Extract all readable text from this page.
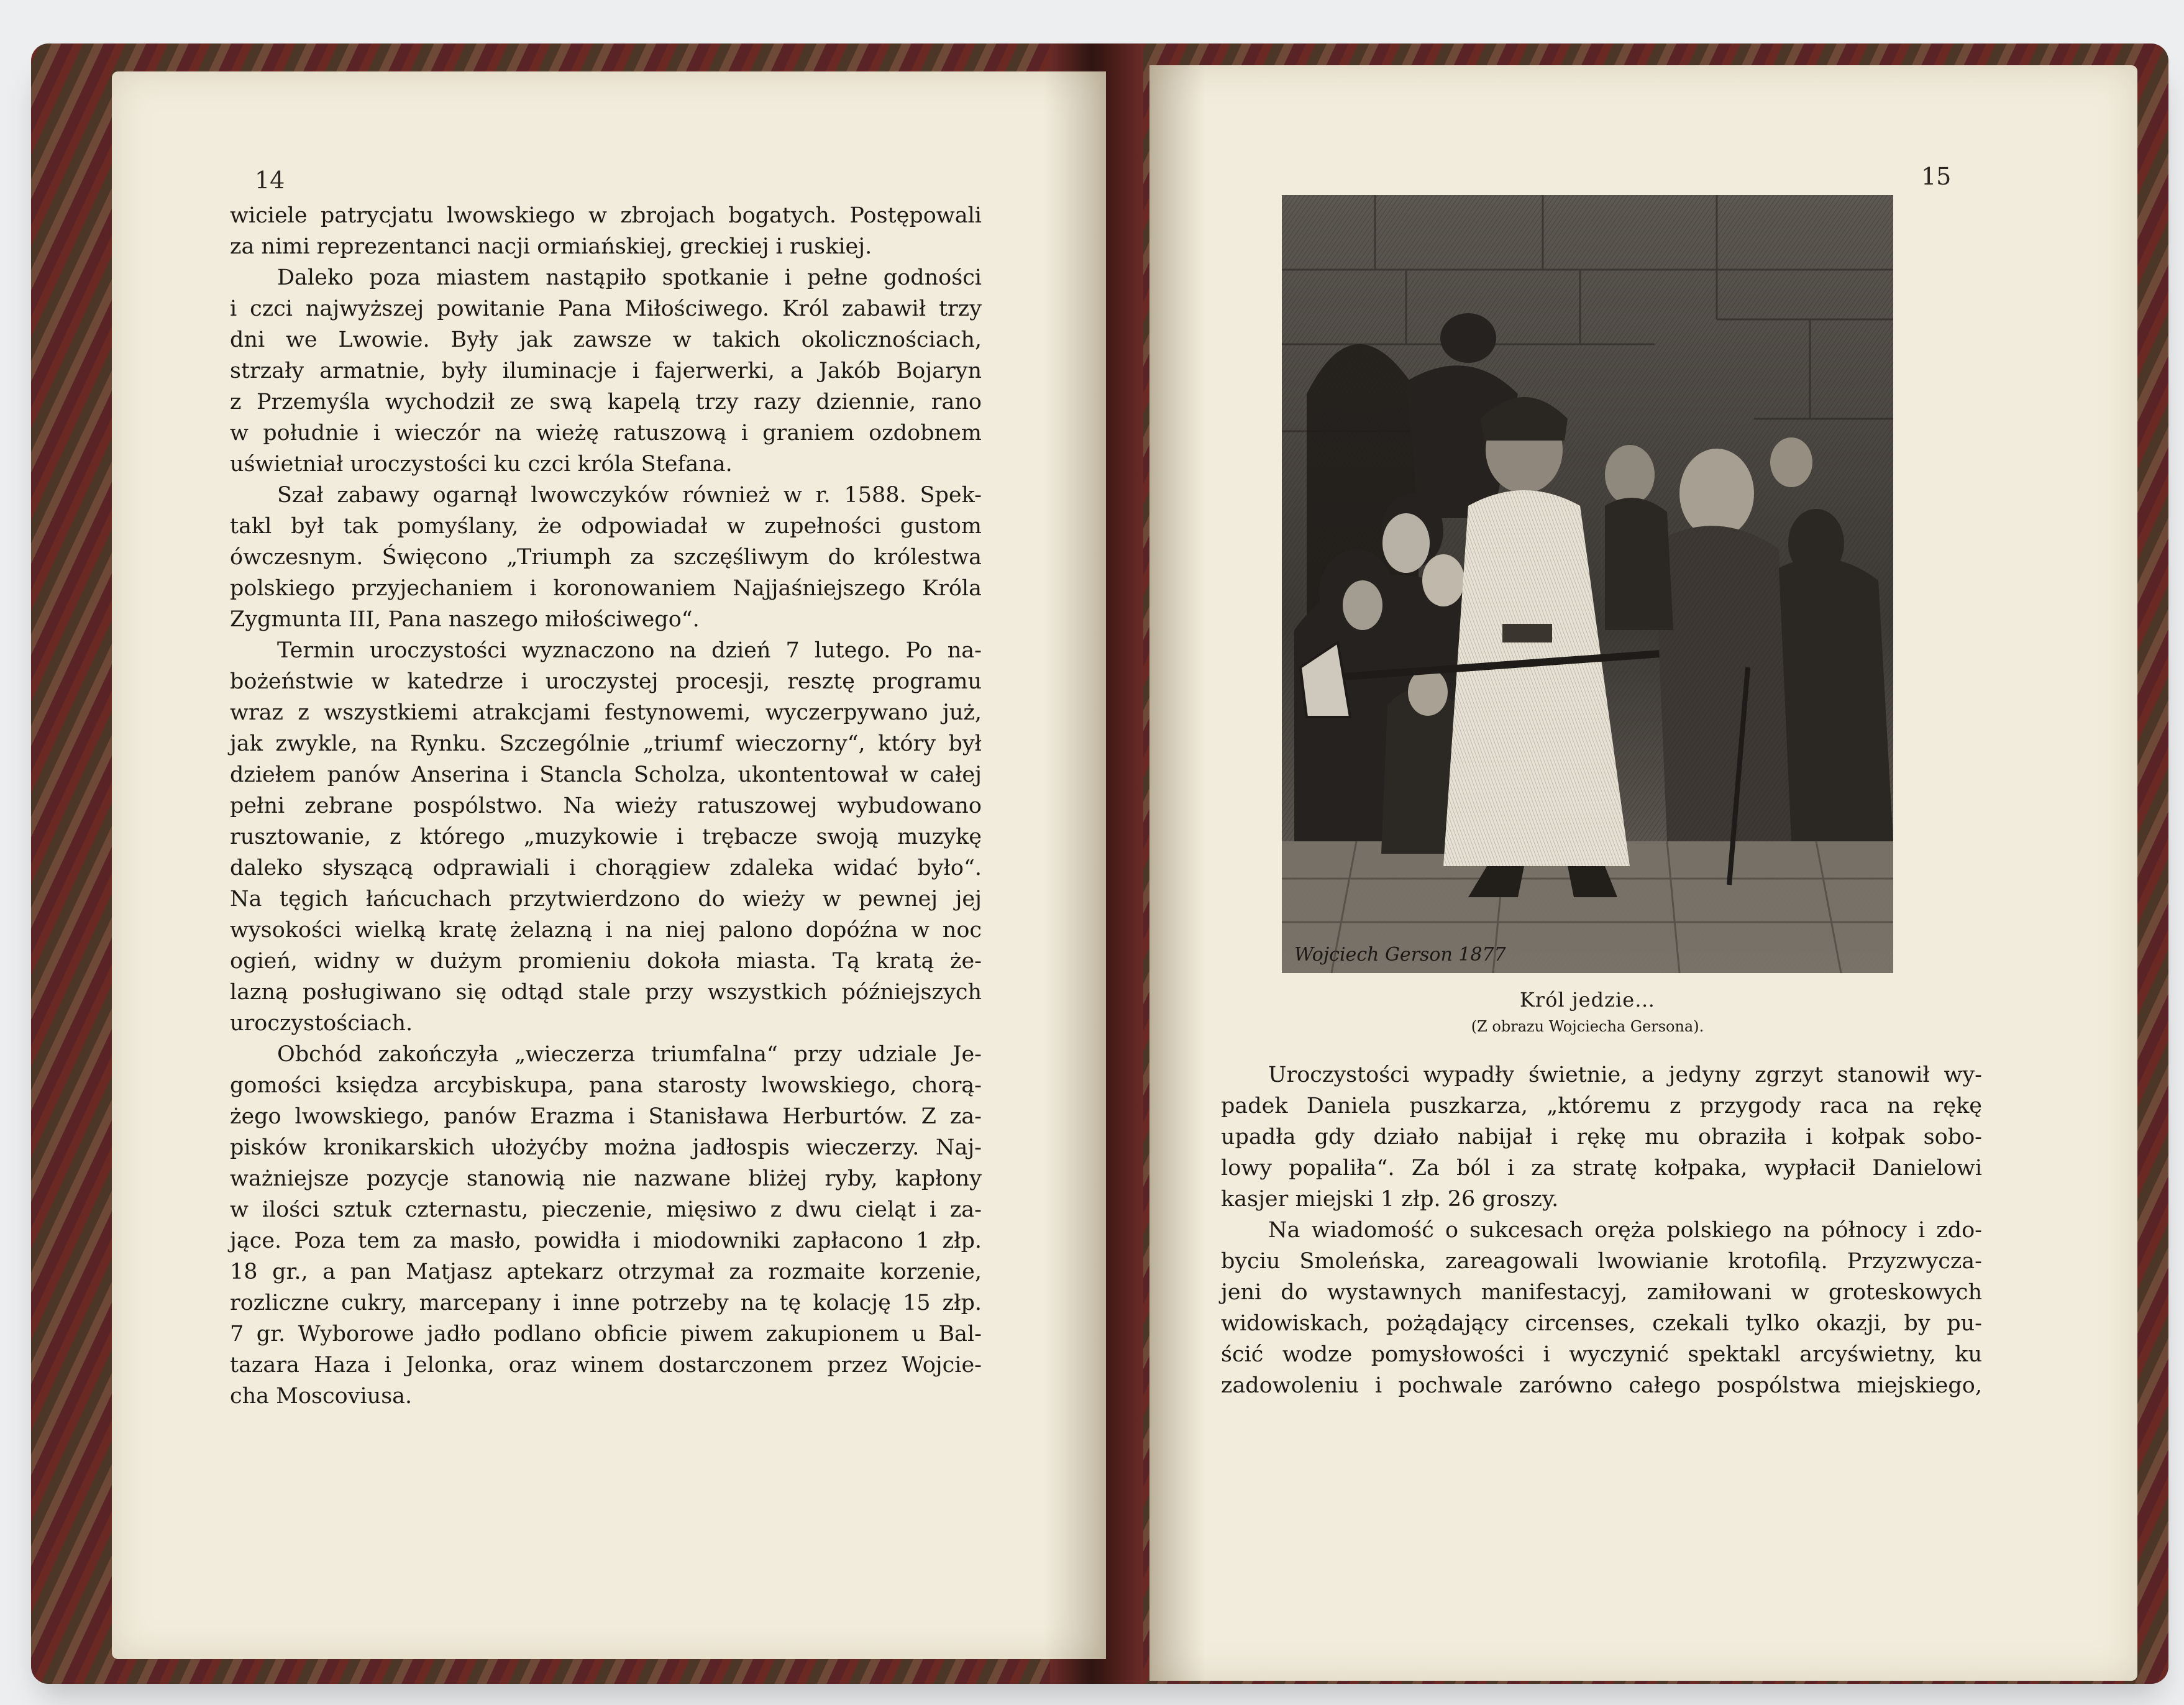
14	15
wiciele patrycjatu lwowskiego w zbrojach bogatych. Postępowali
za nimi reprezentanci nacji ormiańskiej, greckiej i ruskiej.
Daleko poza miastem nastąpiło spotkanie i pełne godności
i czci najwyższej powitanie Pana Miłościwego. Król zabawił trzy
dni we Lwowie. Były jak zawsze w takich okolicznościach,
strzały armatnie, były iluminacje i fajerwerki, a Jakób Bojaryn
z Przemyśla wychodził ze swą kapelą trzy razy dziennie, rano
w południe i wieczór na wieżę ratuszową i graniem ozdobnem
uświetniał uroczystości ku czci króla Stefana.
Szał zabawy ogarnął lwowczyków również w r. 1588. Spek-
takl był tak pomyślany, że odpowiadał w zupełności gustom
ówczesnym. Święcono „Triumph za szczęśliwym do królestwa
polskiego przyjechaniem i koronowaniem Najjaśniejszego Króla
Zygmunta III, Pana naszego miłościwego“.
Termin uroczystości wyznaczono na dzień 7 lutego. Po na-
bożeństwie w katedrze i uroczystej procesji, resztę programu
wraz z wszystkiemi atrakcjami festynowemi, wyczerpywano już,
jak zwykle, na Rynku. Szczególnie „triumf wieczorny“, który był
dziełem panów Anserina i Stancla Scholza, ukontentował w całej
pełni zebrane pospólstwo. Na wieży ratuszowej wybudowano
rusztowanie, z którego „muzykowie i trębacze swoją muzykę
daleko słyszącą odprawiali i chorągiew zdaleka widać było“.
Na tęgich łańcuchach przytwierdzono do wieży w pewnej jej
wysokości wielką kratę żelazną i na niej palono dopóźna w noc
ogień, widny w dużym promieniu dokoła miasta. Tą kratą że-
lazną posługiwano się odtąd stale przy wszystkich późniejszych
uroczystościach.
Obchód zakończyła „wieczerza triumfalna“ przy udziale Je-
gomości księdza arcybiskupa, pana starosty lwowskiego, chorą-
żego lwowskiego, panów Erazma i Stanisława Herburtów. Z za-
pisków kronikarskich ułożyćby można jadłospis wieczerzy. Naj-
ważniejsze pozycje stanowią nie nazwane bliżej ryby, kapłony
w ilości sztuk czternastu, pieczenie, mięsiwo z dwu cieląt i za-
jące. Poza tem za masło, powidła i miodowniki zapłacono 1 złp.
18 gr., a pan Matjasz aptekarz otrzymał za rozmaite korzenie,
rozliczne cukry, marcepany i inne potrzeby na tę kolację 15 złp.
7 gr. Wyborowe jadło podlano obficie piwem zakupionem u Bal-
tazara Haza i Jelonka, oraz winem dostarczonem przez Wojcie-
cha Moscoviusa.
Wojciech Gerson 1877
Król jedzie…
(Z obrazu Wojciecha Gersona).
Uroczystości wypadły świetnie, a jedyny zgrzyt stanowił wy-
padek Daniela puszkarza, „któremu z przygody raca na rękę
upadła gdy działo nabijał i rękę mu obraziła i kołpak sobo-
lowy popaliła“. Za ból i za stratę kołpaka, wypłacił Danielowi
kasjer miejski 1 złp. 26 groszy.
Na wiadomość o sukcesach oręża polskiego na północy i zdo-
byciu Smoleńska, zareagowali lwowianie krotofilą. Przyzwycza-
jeni do wystawnych manifestacyj, zamiłowani w groteskowych
widowiskach, pożądający circenses, czekali tylko okazji, by pu-
ścić wodze pomysłowości i wyczynić spektakl arcyświetny, ku
zadowoleniu i pochwale zarówno całego pospólstwa miejskiego,
